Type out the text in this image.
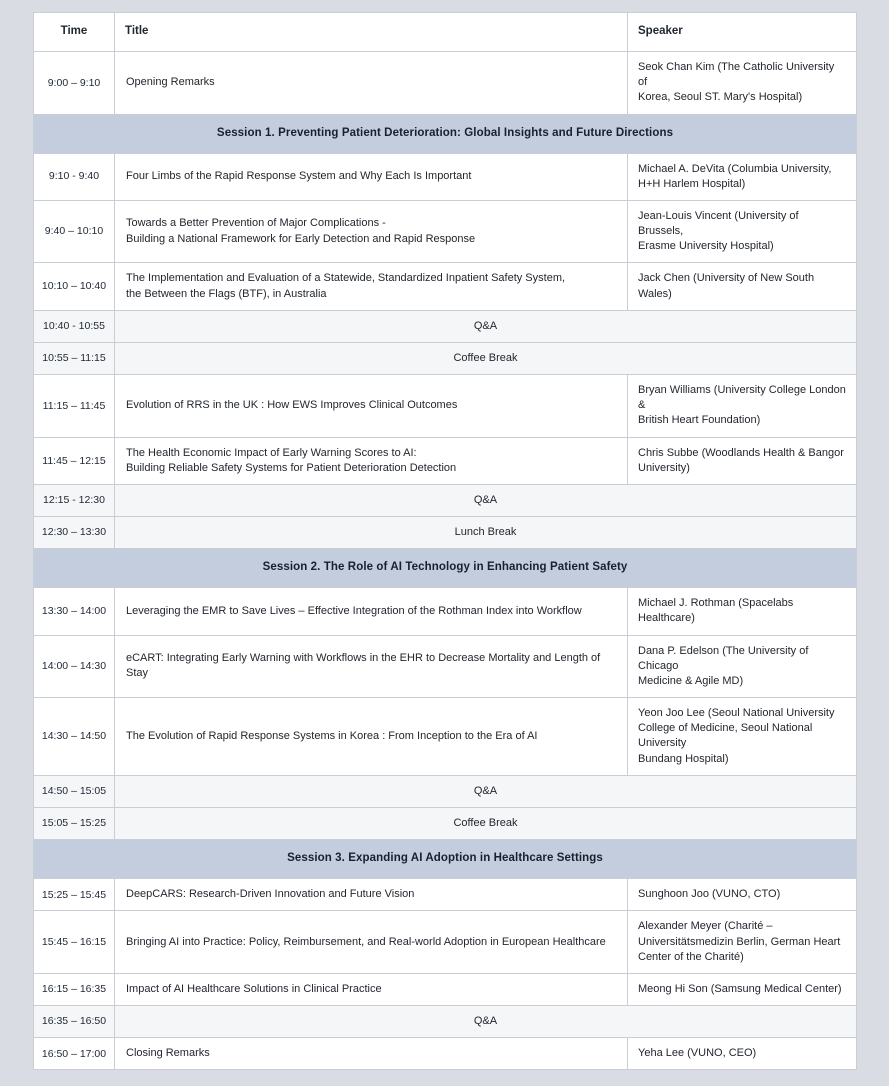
Time	Title	Speaker
9:00 – 9:10	Opening Remarks	Seok Chan Kim (The Catholic University of
Korea, Seoul ST. Mary's Hospital)

Session 1. Preventing Patient Deterioration: Global Insights and Future Directions		
9:10 - 9:40	Four Limbs of the Rapid Response System and Why Each Is Important	Michael A. DeVita (Columbia University,
H+H Harlem Hospital)

9:40 – 10:10	Towards a Better Prevention of Major Complications -
Building a National Framework for Early Detection and Rapid Response	Jean-Louis Vincent (University of Brussels,
Erasme University Hospital)

10:10 – 10:40	The Implementation and Evaluation of a Statewide, Standardized Inpatient Safety System,
the Between the Flags (BTF), in Australia	Jack Chen (University of New South Wales)

10:40 - 10:55	Q&A	
10:55 – 11:15	Coffee Break	
11:15 – 11:45	Evolution of RRS in the UK : How EWS Improves Clinical Outcomes	Bryan Williams (University College London &
British Heart Foundation)

11:45 – 12:15	The Health Economic Impact of Early Warning Scores to AI:
Building Reliable Safety Systems for Patient Deterioration Detection	Chris Subbe (Woodlands Health & Bangor
University)

12:15 - 12:30	Q&A	
12:30 – 13:30	Lunch Break	
Session 2. The Role of AI Technology in Enhancing Patient Safety		
13:30 – 14:00	Leveraging the EMR to Save Lives – Effective Integration of the Rothman Index into Workflow	Michael J. Rothman (Spacelabs Healthcare)

14:00 – 14:30	eCART: Integrating Early Warning with Workflows in the EHR to Decrease Mortality and Length of Stay	Dana P. Edelson (The University of Chicago
Medicine & Agile MD)

14:30 – 14:50	The Evolution of Rapid Response Systems in Korea : From Inception to the Era of AI	Yeon Joo Lee (Seoul National University
College of Medicine, Seoul National University
Bundang Hospital)

14:50 – 15:05	Q&A	
15:05 – 15:25	Coffee Break	
Session 3. Expanding AI Adoption in Healthcare Settings		
15:25 – 15:45	DeepCARS: Research-Driven Innovation and Future Vision	Sunghoon Joo (VUNO, CTO)

15:45 – 16:15	Bringing AI into Practice: Policy, Reimbursement, and Real-world Adoption in European Healthcare	Alexander Meyer (Charité –
Universitätsmedizin Berlin, German Heart
Center of the Charité)

16:15 – 16:35	Impact of AI Healthcare Solutions in Clinical Practice	Meong Hi Son (Samsung Medical Center)

16:35 – 16:50	Q&A	
16:50 – 17:00	Closing Remarks	Yeha Lee (VUNO, CEO)
